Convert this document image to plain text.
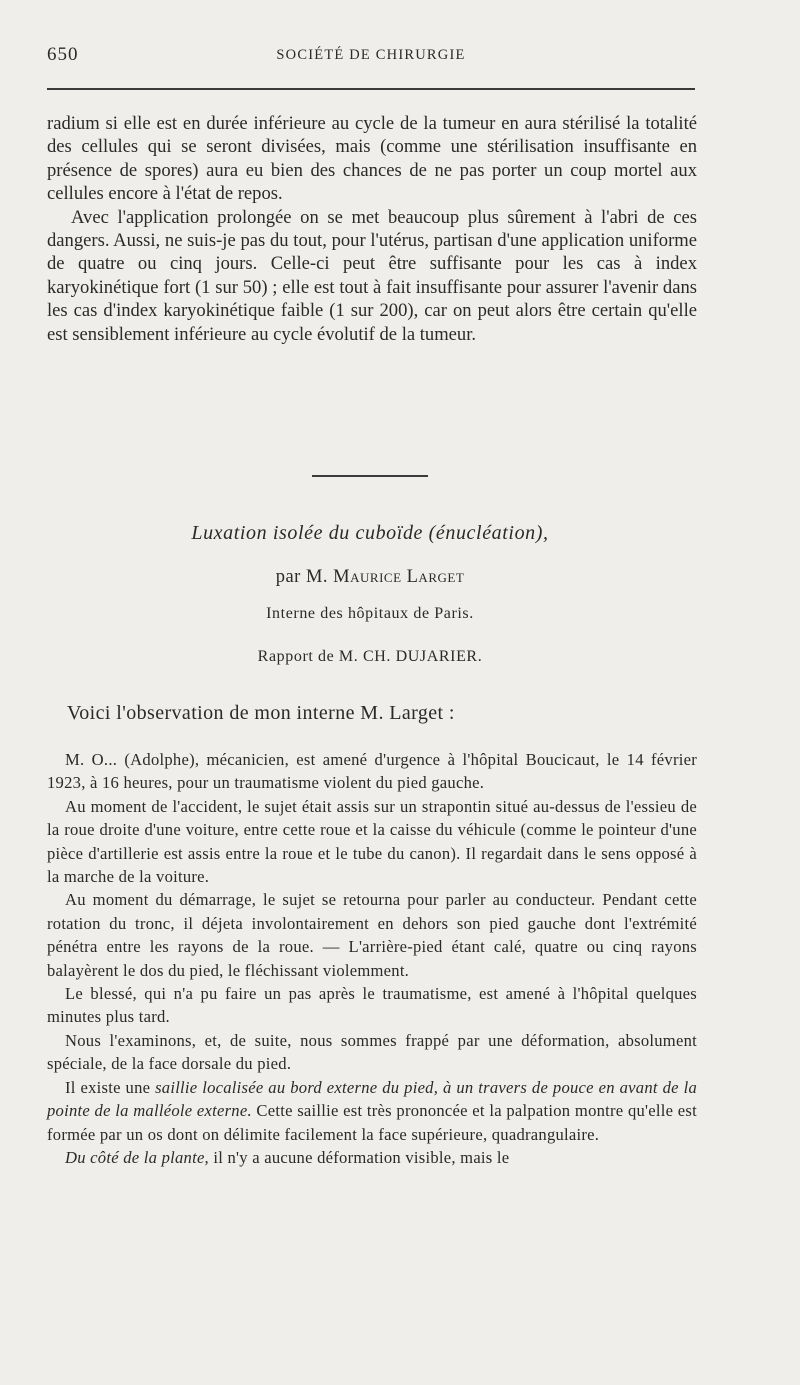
650	SOCIÉTÉ DE CHIRURGIE

radium si elle est en durée inférieure au cycle de la tumeur en aura stérilisé la totalité des cellules qui se seront divisées, mais (comme une stérilisation insuffisante en présence de spores) aura eu bien des chances de ne pas porter un coup mortel aux cellules encore à l'état de repos.

Avec l'application prolongée on se met beaucoup plus sûrement à l'abri de ces dangers. Aussi, ne suis-je pas du tout, pour l'utérus, partisan d'une application uniforme de quatre ou cinq jours. Celle-ci peut être suffisante pour les cas à index karyokinétique fort (1 sur 50) ; elle est tout à fait insuffisante pour assurer l'avenir dans les cas d'index karyokinétique faible (1 sur 200), car on peut alors être certain qu'elle est sensiblement inférieure au cycle évolutif de la tumeur.

Luxation isolée du cuboïde (énucléation),
par M. Maurice Larget
Interne des hôpitaux de Paris.
Rapport de M. CH. DUJARIER.
Voici l'observation de mon interne M. Larget :

M. O... (Adolphe), mécanicien, est amené d'urgence à l'hôpital Boucicaut, le 14 février 1923, à 16 heures, pour un traumatisme violent du pied gauche.

Au moment de l'accident, le sujet était assis sur un strapontin situé au-dessus de l'essieu de la roue droite d'une voiture, entre cette roue et la caisse du véhicule (comme le pointeur d'une pièce d'artillerie est assis entre la roue et le tube du canon). Il regardait dans le sens opposé à la marche de la voiture.

Au moment du démarrage, le sujet se retourna pour parler au conducteur. Pendant cette rotation du tronc, il déjeta involontairement en dehors son pied gauche dont l'extrémité pénétra entre les rayons de la roue. — L'arrière-pied étant calé, quatre ou cinq rayons balayèrent le dos du pied, le fléchissant violemment.

Le blessé, qui n'a pu faire un pas après le traumatisme, est amené à l'hôpital quelques minutes plus tard.

Nous l'examinons, et, de suite, nous sommes frappé par une déformation, absolument spéciale, de la face dorsale du pied.

Il existe une saillie localisée au bord externe du pied, à un travers de pouce en avant de la pointe de la malléole externe. Cette saillie est très prononcée et la palpation montre qu'elle est formée par un os dont on délimite facilement la face supérieure, quadrangulaire.

Du côté de la plante, il n'y a aucune déformation visible, mais le
